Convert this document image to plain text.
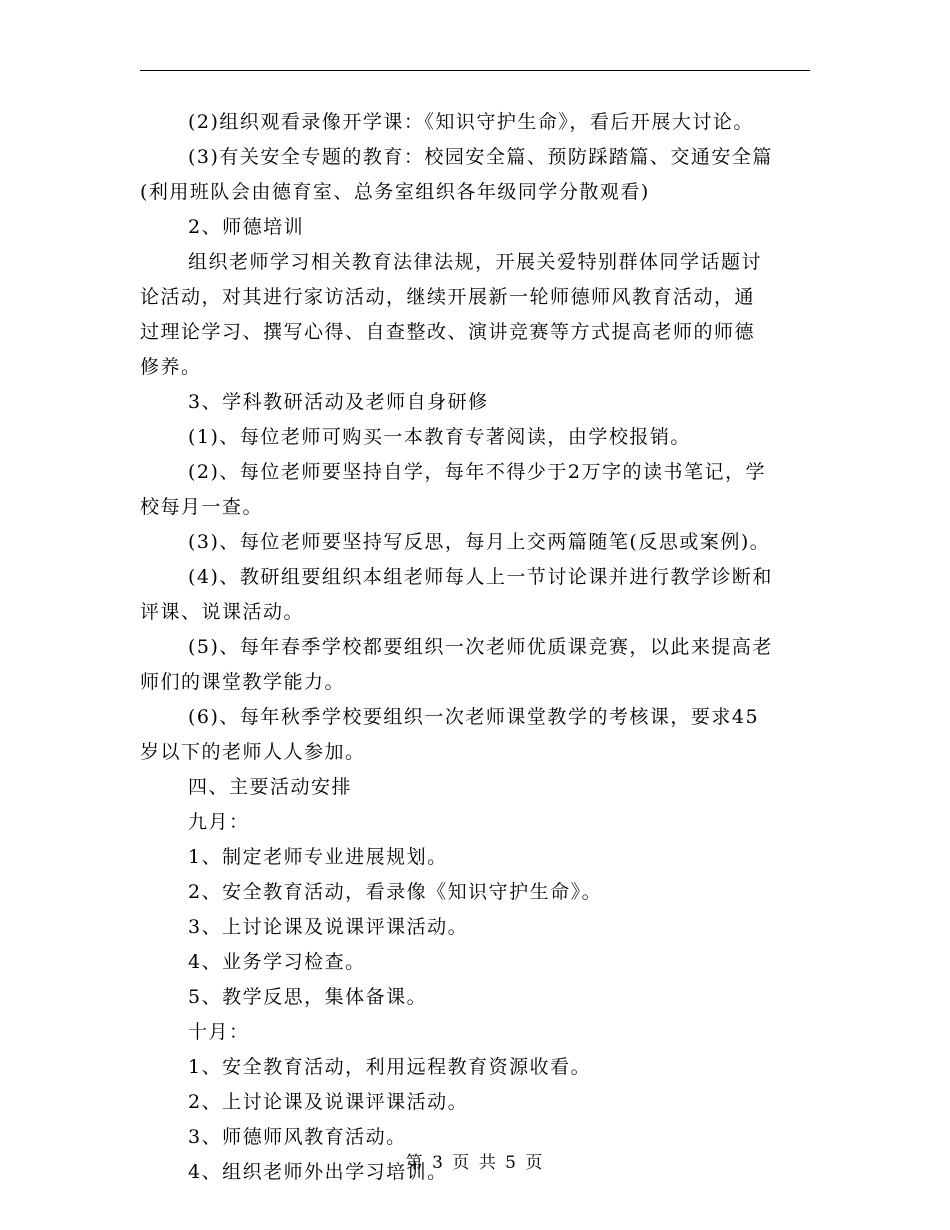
(2)组织观看录像开学课：《知识守护生命》，看后开展大讨论。
(3)有关安全专题的教育：校园安全篇、预防踩踏篇、交通安全篇
(利用班队会由德育室、总务室组织各年级同学分散观看)
2、师德培训
组织老师学习相关教育法律法规，开展关爱特别群体同学话题讨
论活动，对其进行家访活动，继续开展新一轮师德师风教育活动，通
过理论学习、撰写心得、自查整改、演讲竞赛等方式提高老师的师德
修养。
3、学科教研活动及老师自身研修
(1)、每位老师可购买一本教育专著阅读，由学校报销。
(2)、每位老师要坚持自学，每年不得少于2万字的读书笔记，学
校每月一查。
(3)、每位老师要坚持写反思，每月上交两篇随笔(反思或案例)。
(4)、教研组要组织本组老师每人上一节讨论课并进行教学诊断和
评课、说课活动。
(5)、每年春季学校都要组织一次老师优质课竞赛，以此来提高老
师们的课堂教学能力。
(6)、每年秋季学校要组织一次老师课堂教学的考核课，要求45
岁以下的老师人人参加。
四、主要活动安排
九月：
1、制定老师专业进展规划。
2、安全教育活动，看录像《知识守护生命》。
3、上讨论课及说课评课活动。
4、业务学习检查。
5、教学反思，集体备课。
十月：
1、安全教育活动，利用远程教育资源收看。
2、上讨论课及说课评课活动。
3、师德师风教育活动。
4、组织老师外出学习培训。
第 3 页 共 5 页
